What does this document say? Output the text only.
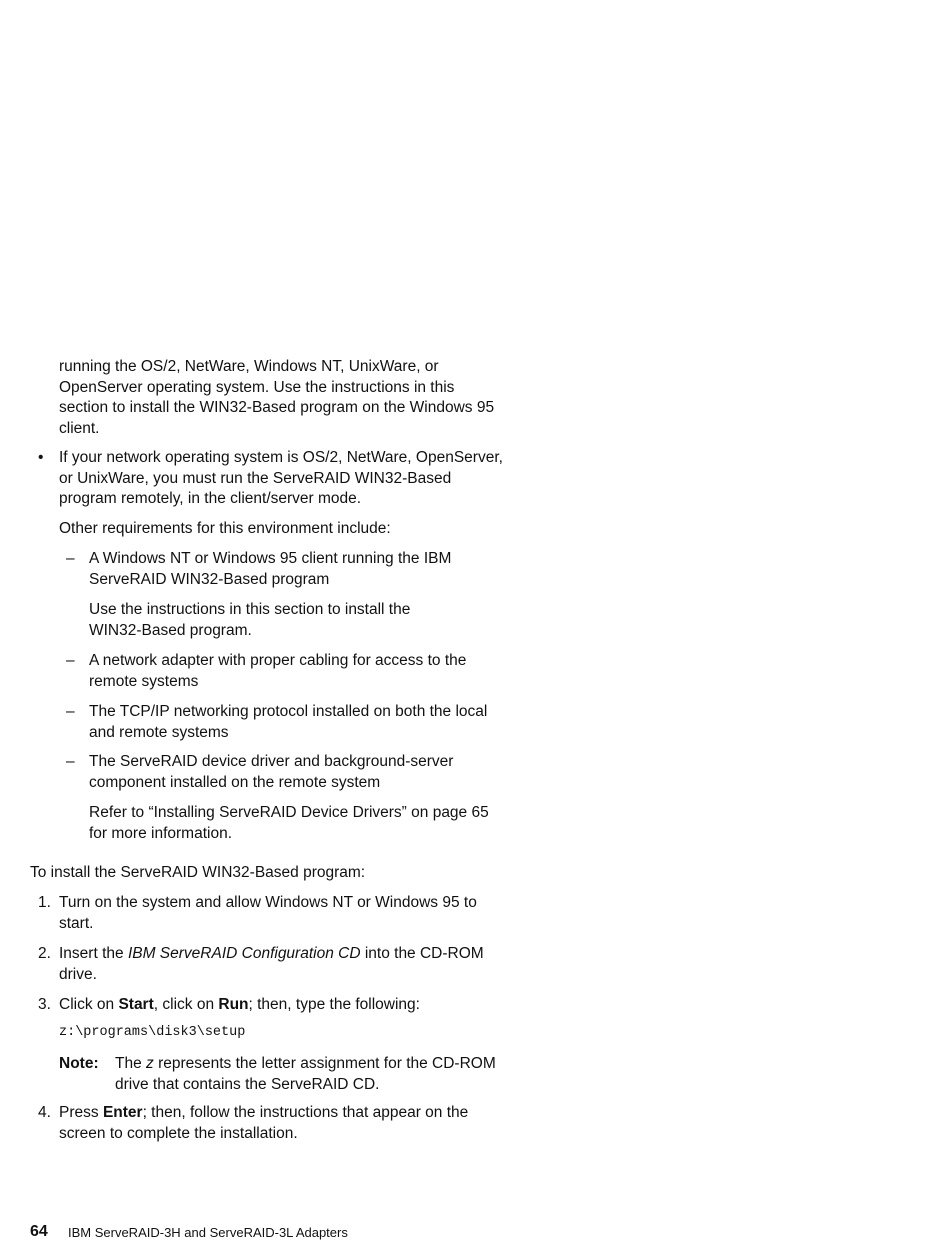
running the OS/2, NetWare, Windows NT, UnixWare, or
OpenServer operating system. Use the instructions in this
section to install the WIN32-Based program on the Windows 95
client.
• If your network operating system is OS/2, NetWare, OpenServer,
or UnixWare, you must run the ServeRAID WIN32-Based
program remotely, in the client/server mode.
Other requirements for this environment include:
– A Windows NT or Windows 95 client running the IBM
ServeRAID WIN32-Based program
Use the instructions in this section to install the
WIN32-Based program.
– A network adapter with proper cabling for access to the
remote systems
– The TCP/IP networking protocol installed on both the local
and remote systems
– The ServeRAID device driver and background-server
component installed on the remote system
Refer to “Installing ServeRAID Device Drivers” on page 65
for more information.
To install the ServeRAID WIN32-Based program:
1. Turn on the system and allow Windows NT or Windows 95 to
start.
2. Insert the IBM ServeRAID Configuration CD into the CD-ROM
drive.
3. Click on Start, click on Run; then, type the following:
z:\programs\disk3\setup
Note: The z represents the letter assignment for the CD-ROM
drive that contains the ServeRAID CD.
4. Press Enter; then, follow the instructions that appear on the
screen to complete the installation.
64 IBM ServeRAID-3H and ServeRAID-3L Adapters
